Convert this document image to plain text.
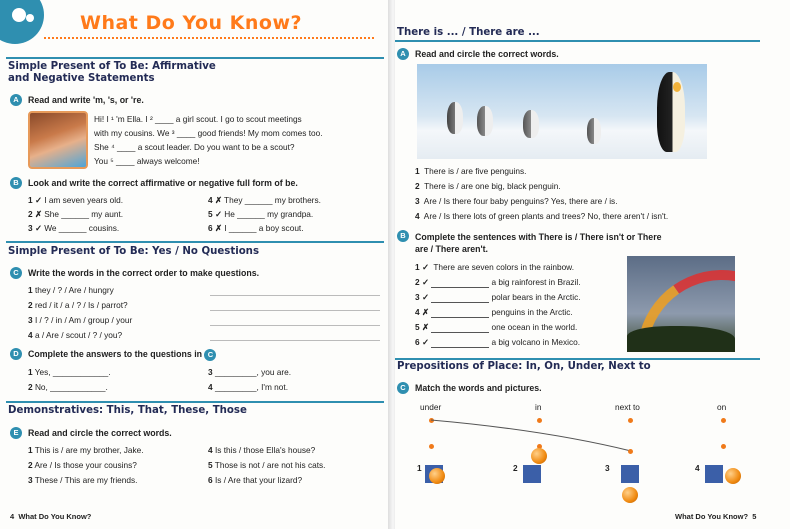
What Do You Know?
Simple Present of To Be: Affirmative and Negative Statements
A	Read and write 'm, 's, or 're.
Hi! I ¹ 'm Ella. I ² ____ a girl scout. I go to scout meetings
with my cousins. We ³ ____ good friends! My mom comes too.
She ⁴ ____ a scout leader. Do you want to be a scout?
You ⁵ ____ always welcome!
B	Look and write the correct affirmative or negative full form of be.
1 ✓ I am seven years old.
2 ✗ She ______ my aunt.
3 ✓ We ______ cousins.
4 ✗ They ______ my brothers.
5 ✓ He ______ my grandpa.
6 ✗ I ______ a boy scout.
Simple Present of To Be: Yes / No Questions
C	Write the words in the correct order to make questions.
1 they / ? / Are / hungry
2 red / it / a / ? / Is / parrot?
3 I / ? / in / Am / group / your
4 a / Are / scout / ? / you?
D	Complete the answers to the questions in C
1 Yes, ____________.
2 No, ____________.
3 _________, you are.
4 _________, I'm not.
Demonstratives: This, That, These, Those
E	Read and circle the correct words.
1 This is / are my brother, Jake.
2 Are / Is those your cousins?
3 These / This are my friends.
4 Is this / those Ella's house?
5 Those is not / are not his cats.
6 Is / Are that your lizard?
4 What Do You Know?
There is ... / There are ...
A	Read and circle the correct words.
1 There is / are five penguins.
2 There is / are one big, black penguin.
3 Are / Is there four baby penguins? Yes, there are / is.
4 Are / Is there lots of green plants and trees? No, there aren't / isn't.
B	Complete the sentences with There is / There isn't or There are / There aren't.
1 ✓ There are seven colors in the rainbow.
2 ✓	a big rainforest in Brazil.
3 ✓	polar bears in the Arctic.
4 ✗	penguins in the Arctic.
5 ✗	one ocean in the world.
6 ✓	a big volcano in Mexico.
Prepositions of Place: In, On, Under, Next to
C	Match the words and pictures.
under	in	next to	on
1	2	3	4
What Do You Know? 5
